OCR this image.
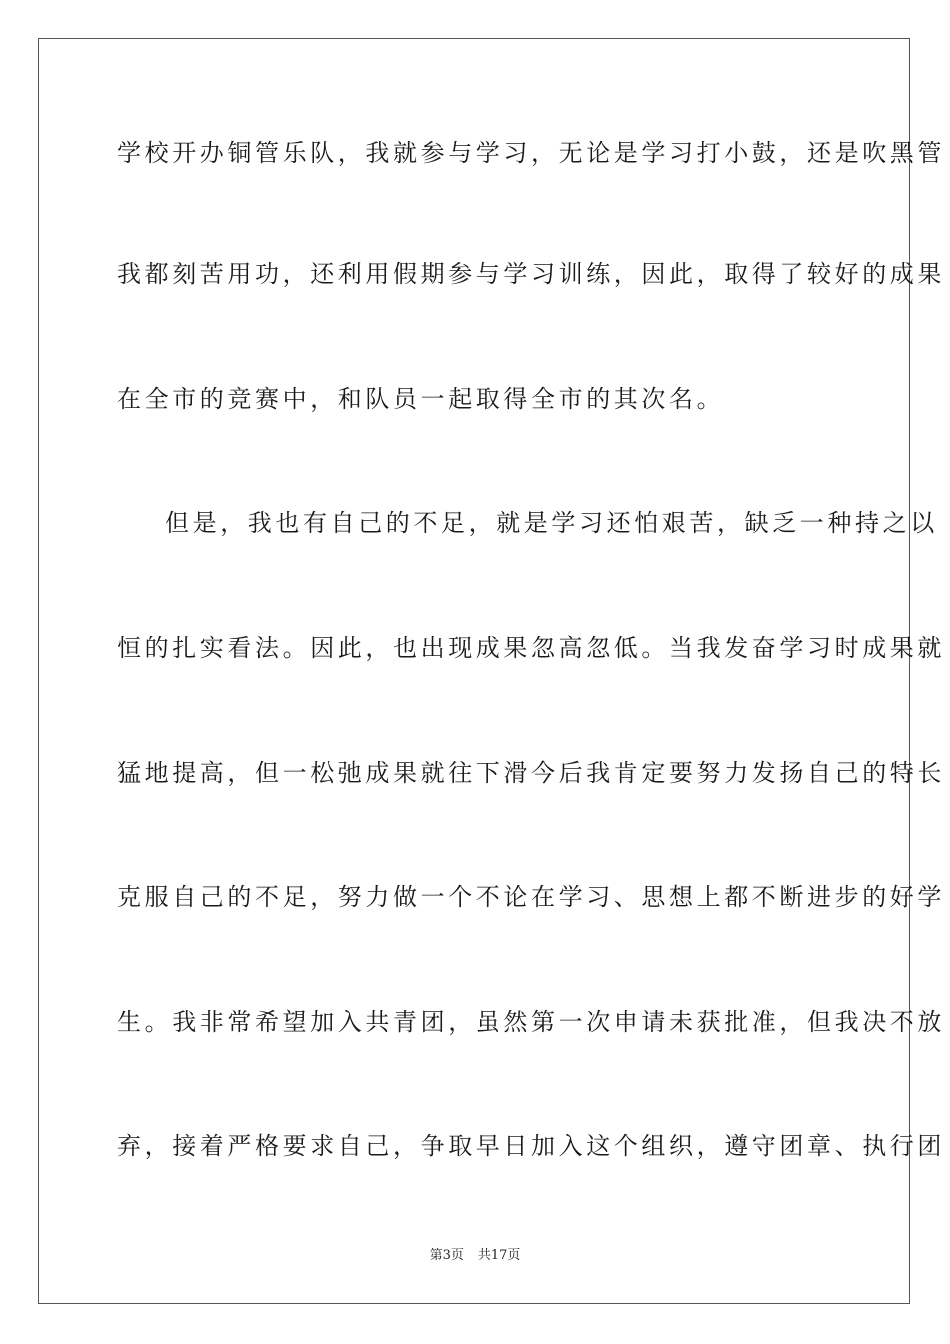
学校开办铜管乐队，我就参与学习，无论是学习打小鼓，还是吹黑管
我都刻苦用功，还利用假期参与学习训练，因此，取得了较好的成果
在全市的竞赛中，和队员一起取得全市的其次名。
但是，我也有自己的不足，就是学习还怕艰苦，缺乏一种持之以
恒的扎实看法。因此，也出现成果忽高忽低。当我发奋学习时成果就
猛地提高，但一松弛成果就往下滑今后我肯定要努力发扬自己的特长
克服自己的不足，努力做一个不论在学习、思想上都不断进步的好学
生。我非常希望加入共青团，虽然第一次申请未获批准，但我决不放
弃，接着严格要求自己，争取早日加入这个组织，遵守团章、执行团
第3页 共17页
